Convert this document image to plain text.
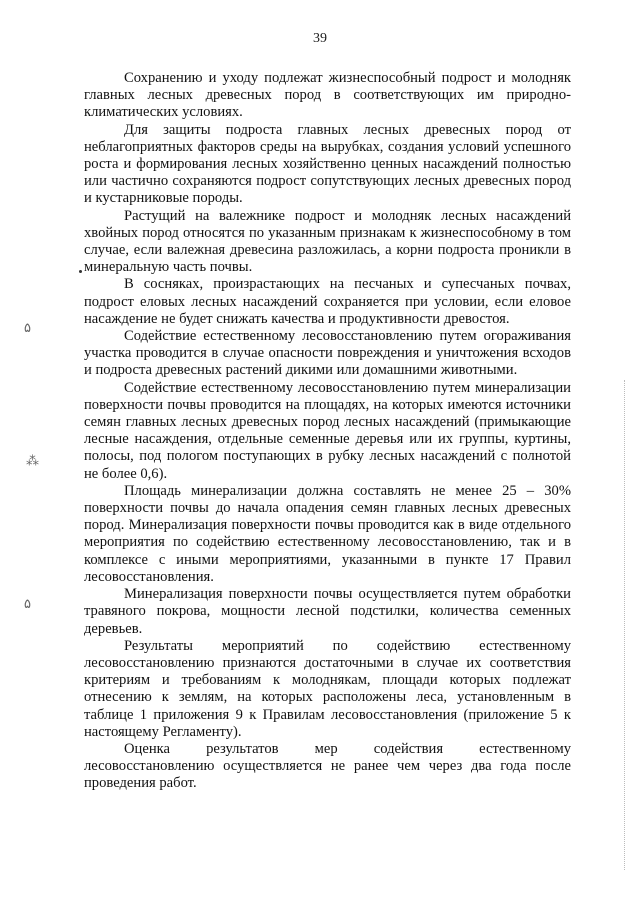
39

Сохранению и уходу подлежат жизнеспособный подрост и молодняк главных лесных древесных пород в соответствующих им природно-климатических условиях.

Для защиты подроста главных лесных древесных пород от неблагоприятных факторов среды на вырубках, создания условий успешного роста и формирования лесных хозяйственно ценных насаждений полностью или частично сохраняются подрост сопутствующих лесных древесных пород и кустарниковые породы.

Растущий на валежнике подрост и молодняк лесных насаждений хвойных пород относятся по указанным признакам к жизнеспособному в том случае, если валежная древесина разложилась, а корни подроста проникли в минеральную часть почвы.

В сосняках, произрастающих на песчаных и супесчаных почвах, подрост еловых лесных насаждений сохраняется при условии, если еловое насаждение не будет снижать качества и продуктивности древостоя.

Содействие естественному лесовосстановлению путем огораживания участка проводится в случае опасности повреждения и уничтожения всходов и подроста древесных растений дикими или домашними животными.

Содействие естественному лесовосстановлению путем минерализации поверхности почвы проводится на площадях, на которых имеются источники семян главных лесных древесных пород лесных насаждений (примыкающие лесные насаждения, отдельные семенные деревья или их группы, куртины, полосы, под пологом поступающих в рубку лесных насаждений с полнотой не более 0,6).

Площадь минерализации должна составлять не менее 25 – 30% поверхности почвы до начала опадения семян главных лесных древесных пород. Минерализация поверхности почвы проводится как в виде отдельного мероприятия по содействию естественному лесовосстановлению, так и в комплексе с иными мероприятиями, указанными в пункте 17 Правил лесовосстановления.

Минерализация поверхности почвы осуществляется путем обработки травяного покрова, мощности лесной подстилки, количества семенных деревьев.

Результаты мероприятий по содействию естественному лесовосстановлению признаются достаточными в случае их соответствия критериям и требованиям к молоднякам, площади которых подлежат отнесению к землям, на которых расположены леса, установленным в таблице 1 приложения 9 к Правилам лесовосстановления (приложение 5 к настоящему Регламенту).

Оценка результатов мер содействия естественному лесовосстановлению осуществляется не ранее чем через два года после проведения работ.

۵
⁂
۵
